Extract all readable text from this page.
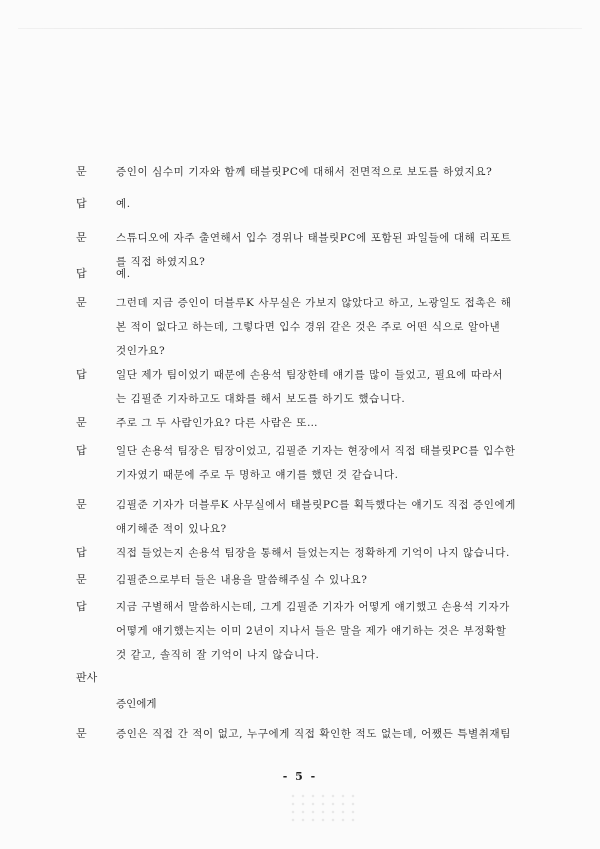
문	증인이 심수미 기자와 함께 태블릿PC에 대해서 전면적으로 보도를 하였지요?
답	예.
문	스튜디오에 자주 출연해서 입수 경위나 태블릿PC에 포함된 파일들에 대해 리포트
를 직접 하였지요?
답	예.
문	그런데 지금 증인이 더블루K 사무실은 가보지 않았다고 하고, 노광일도 접촉은 해
본 적이 없다고 하는데, 그렇다면 입수 경위 같은 것은 주로 어떤 식으로 알아낸
것인가요?
답	일단 제가 팀이었기 때문에 손용석 팀장한테 얘기를 많이 들었고, 필요에 따라서
는 김필준 기자하고도 대화를 해서 보도를 하기도 했습니다.
문	주로 그 두 사람인가요? 다른 사람은 또…
답	일단 손용석 팀장은 팀장이었고, 김필준 기자는 현장에서 직접 태블릿PC를 입수한
기자였기 때문에 주로 두 명하고 얘기를 했던 것 같습니다.
문	김필준 기자가 더블루K 사무실에서 태블릿PC를 획득했다는 얘기도 직접 증인에게
얘기해준 적이 있나요?
답	직접 들었는지 손용석 팀장을 통해서 들었는지는 정확하게 기억이 나지 않습니다.
문	김필준으로부터 들은 내용을 말씀해주실 수 있나요?
답	지금 구별해서 말씀하시는데, 그게 김필준 기자가 어떻게 얘기했고 손용석 기자가
어떻게 얘기했는지는 이미 2년이 지나서 들은 말을 제가 얘기하는 것은 부정확할
것 같고, 솔직히 잘 기억이 나지 않습니다.
판사
증인에게
문	증인은 직접 간 적이 없고, 누구에게 직접 확인한 적도 없는데, 어쨌든 특별취재팀
- 5 -
